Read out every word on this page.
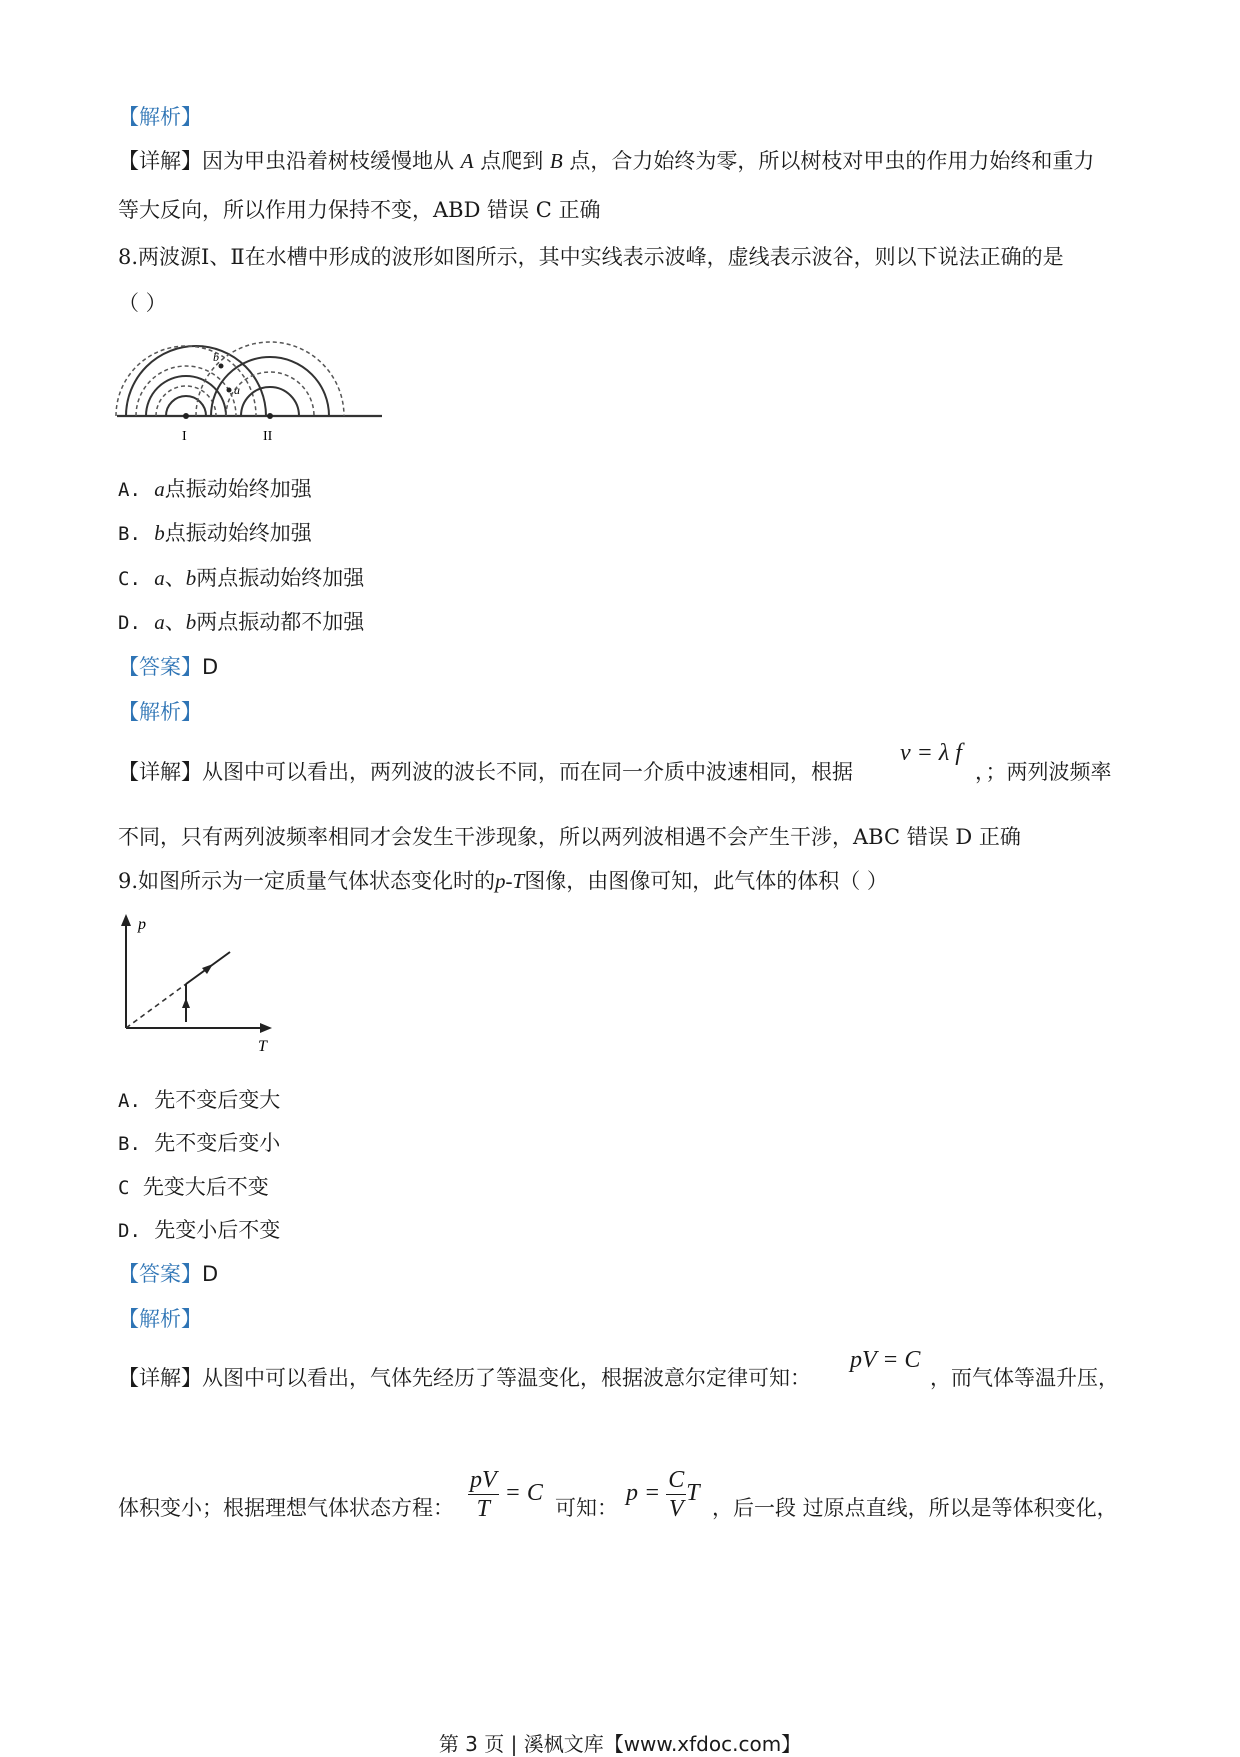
【解析】
【详解】因为甲虫沿着树枝缓慢地从 A 点爬到 B 点，合力始终为零，所以树枝对甲虫的作用力始终和重力
等大反向，所以作用力保持不变，ABD 错误 C 正确
8.两波源Ⅰ、Ⅱ在水槽中形成的波形如图所示，其中实线表示波峰，虚线表示波谷，则以下说法正确的是
（ ）
I	II
a
b
A. a点振动始终加强
B. b点振动始终加强
C. a、b两点振动始终加强
D. a、b两点振动都不加强
【答案】D
【解析】
【详解】从图中可以看出，两列波的波长不同，而在同一介质中波速相同，根据
v = λ f
，；两列波频率
不同，只有两列波频率相同才会发生干涉现象，所以两列波相遇不会产生干涉，ABC 错误 D 正确
9.如图所示为一定质量气体状态变化时的p-T图像，由图像可知，此气体的体积（ ）
p
T
A. 先不变后变大
B. 先不变后变小
C 先变大后不变
D. 先变小后不变
【答案】D
【解析】
【详解】从图中可以看出，气体先经历了等温变化，根据波意尔定律可知：
pV = C
，而气体等温升压，
体积变小；根据理想气体状态方程： $\frac{pV}{T} = C$
可知：
$p = \frac{C}{V}$ T
，后一段 过原点直线，所以是等体积变化，
第 3 页 | 溪枫文库【www.xfdoc.com】
